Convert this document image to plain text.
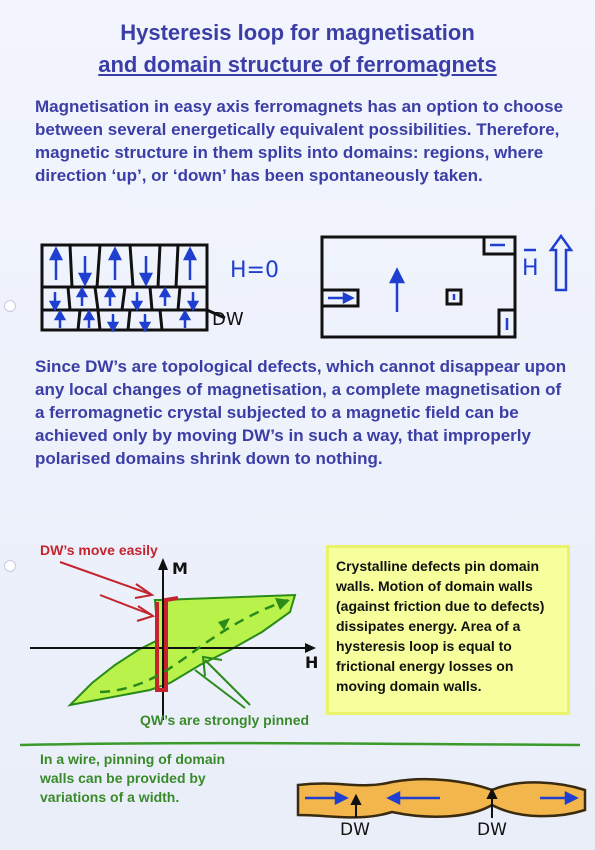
Hysteresis loop for magnetisation
and domain structure of ferromagnets
Magnetisation in easy axis ferromagnets has an option to choose between several energetically equivalent possibilities. Therefore, magnetic structure in them splits into domains: regions, where direction ‘up’, or ‘down’ has been spontaneously taken.
H=0
DW
H
Since DW’s are topological defects, which cannot disappear upon any local changes of magnetisation, a complete magnetisation of a ferromagnetic crystal subjected to a magnetic field can be achieved only by moving DW’s in such a way, that improperly polarised domains shrink down to nothing.
DW’s move easily
M
H
QW’s are strongly pinned
Crystalline defects pin domain walls. Motion of domain walls (against friction due to defects) dissipates energy. Area of a hysteresis loop is equal to frictional energy losses on moving domain walls.
In a wire, pinning of domain walls can be provided by variations of a width.
DW	DW
